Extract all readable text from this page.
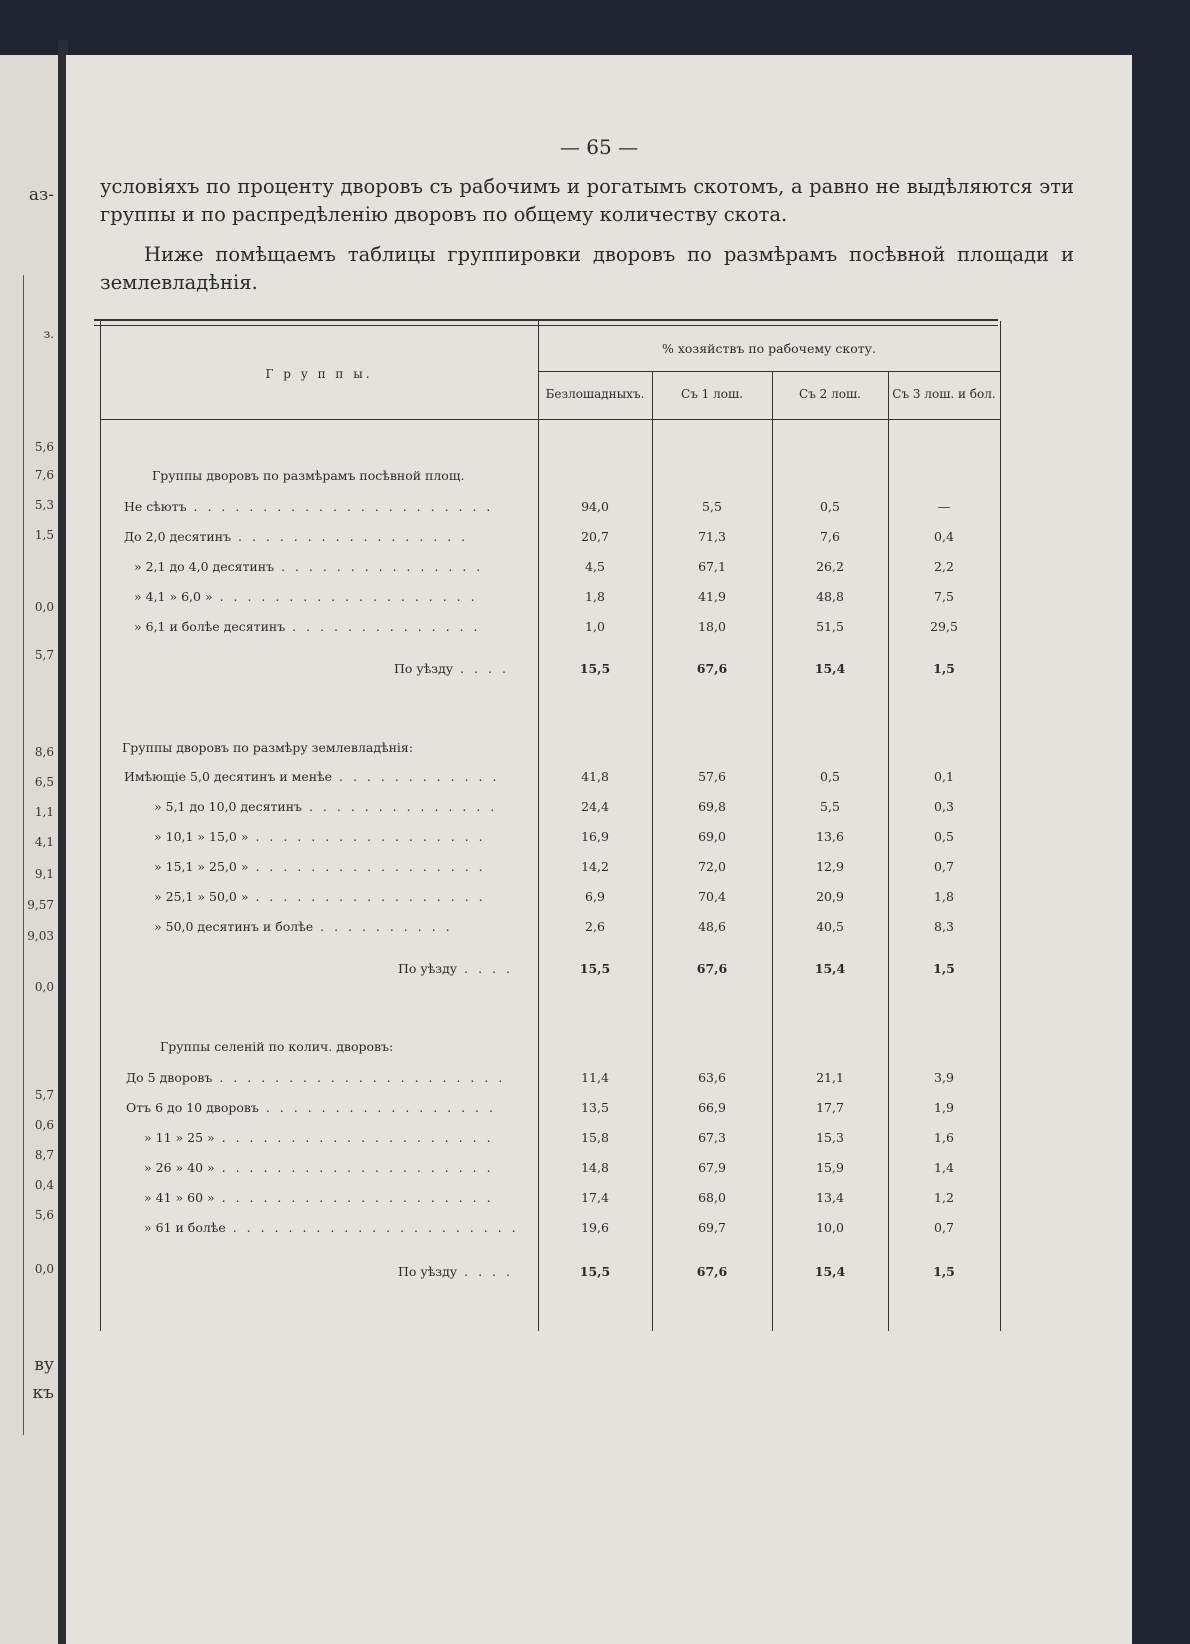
аз-
з.
5,6
7,6
5,3
1,5
0,0
5,7
8,6
6,5
1,1
4,1
9,1
9,57
9,03
0,0
5,7
0,6
8,7
0,4
5,6
0,0
ву
къ
— 65 —
условіяхъ по проценту дворовъ съ рабочимъ и рогатымъ скотомъ, а равно не выдѣляются эти группы и по распредѣленію дворовъ по общему количеству скота.
Ниже помѣщаемъ таблицы группировки дворовъ по размѣрамъ посѣвной площади и землевладѣнія.
Г р у п п ы.
% хозяйствъ по рабочему скоту.
Безлошадныхъ.	Съ 1 лош.	Съ 2 лош.	Съ 3 лош. и бол.
Группы дворовъ по размѣрамъ посѣвной площ.
Не сѣютъ . . . . . . . . . . . . . . . . . . . . . .	94,0	5,5	0,5	—
До 2,0 десятинъ . . . . . . . . . . . . . . . . .	20,7	71,3	7,6	0,4
» 2,1 до 4,0 десятинъ . . . . . . . . . . . . . . .	4,5	67,1	26,2	2,2
» 4,1 » 6,0 » . . . . . . . . . . . . . . . . . . .	1,8	41,9	48,8	7,5
» 6,1 и болѣе десятинъ . . . . . . . . . . . . . .	1,0	18,0	51,5	29,5
По уѣзду . . . .	15,5	67,6	15,4	1,5
Группы дворовъ по размѣру землевладѣнія:
Имѣющіе 5,0 десятинъ и менѣе . . . . . . . . . . . .	41,8	57,6	0,5	0,1
» 5,1 до 10,0 десятинъ . . . . . . . . . . . . . .	24,4	69,8	5,5	0,3
» 10,1 » 15,0 » . . . . . . . . . . . . . . . . .	16,9	69,0	13,6	0,5
» 15,1 » 25,0 » . . . . . . . . . . . . . . . . .	14,2	72,0	12,9	0,7
» 25,1 » 50,0 » . . . . . . . . . . . . . . . . .	6,9	70,4	20,9	1,8
» 50,0 десятинъ и болѣе . . . . . . . . . .	2,6	48,6	40,5	8,3
По уѣзду . . . .	15,5	67,6	15,4	1,5
Группы селеній по колич. дворовъ:
До 5 дворовъ . . . . . . . . . . . . . . . . . . . . .	11,4	63,6	21,1	3,9
Отъ 6 до 10 дворовъ . . . . . . . . . . . . . . . . .	13,5	66,9	17,7	1,9
» 11 » 25 » . . . . . . . . . . . . . . . . . . . .	15,8	67,3	15,3	1,6
» 26 » 40 » . . . . . . . . . . . . . . . . . . . .	14,8	67,9	15,9	1,4
» 41 » 60 » . . . . . . . . . . . . . . . . . . . .	17,4	68,0	13,4	1,2
» 61 и болѣе . . . . . . . . . . . . . . . . . . . . .	19,6	69,7	10,0	0,7
По уѣзду . . . .	15,5	67,6	15,4	1,5
